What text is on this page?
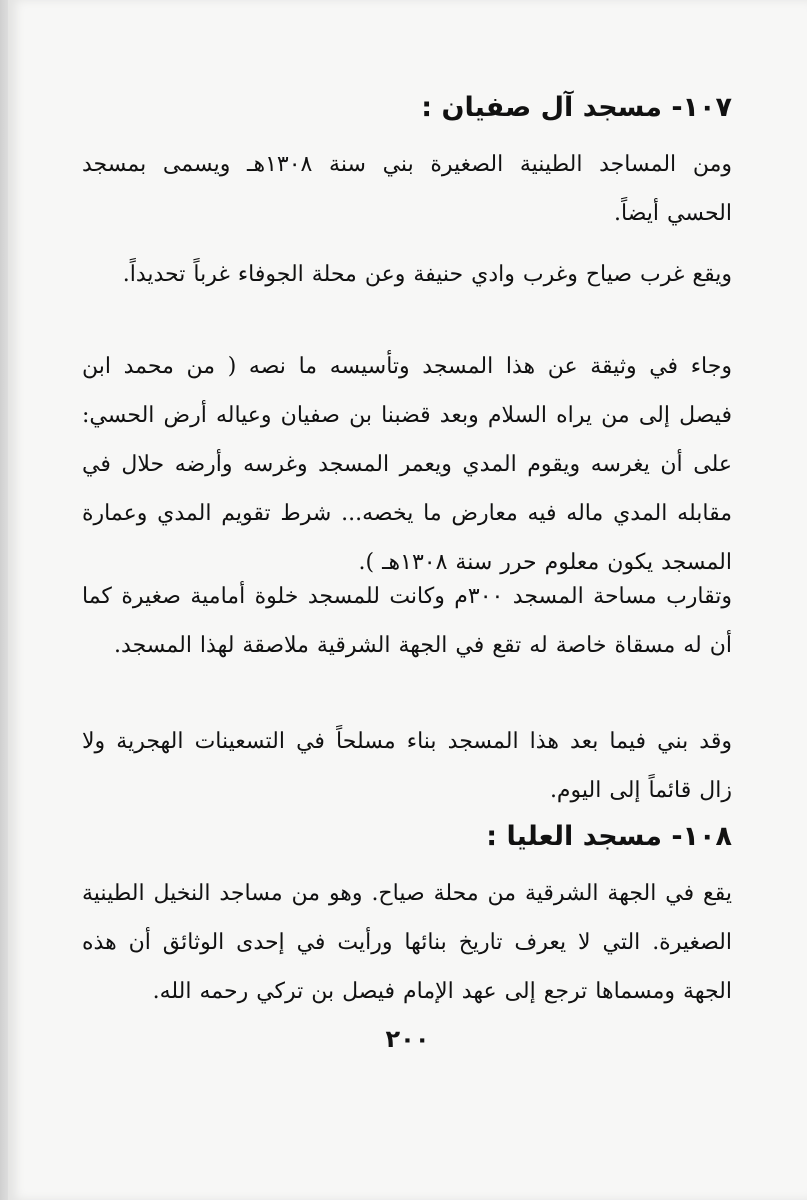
١٠٧- مسجد آل صفيان :
ومن المساجد الطينية الصغيرة بني سنة ١٣٠٨هـ ويسمى بمسجد الحسي أيضاً.
ويقع غرب صياح وغرب وادي حنيفة وعن محلة الجوفاء غرباً تحديداً.
وجاء في وثيقة عن هذا المسجد وتأسيسه ما نصه ( من محمد ابن فيصل إلى من يراه السلام وبعد قضبنا بن صفيان وعياله أرض الحسي: على أن يغرسه ويقوم المدي ويعمر المسجد وغرسه وأرضه حلال في مقابله المدي ماله فيه معارض ما يخصه... شرط تقويم المدي وعمارة المسجد يكون معلوم حرر سنة ١٣٠٨هـ ).
وتقارب مساحة المسجد ٣٠٠م وكانت للمسجد خلوة أمامية صغيرة كما أن له مسقاة خاصة له تقع في الجهة الشرقية ملاصقة لهذا المسجد.
وقد بني فيما بعد هذا المسجد بناء مسلحاً في التسعينات الهجرية ولا زال قائماً إلى اليوم.
١٠٨- مسجد العليا :
يقع في الجهة الشرقية من محلة صياح. وهو من مساجد النخيل الطينية الصغيرة. التي لا يعرف تاريخ بنائها ورأيت في إحدى الوثائق أن هذه الجهة ومسماها ترجع إلى عهد الإمام فيصل بن تركي رحمه الله.
٢٠٠
